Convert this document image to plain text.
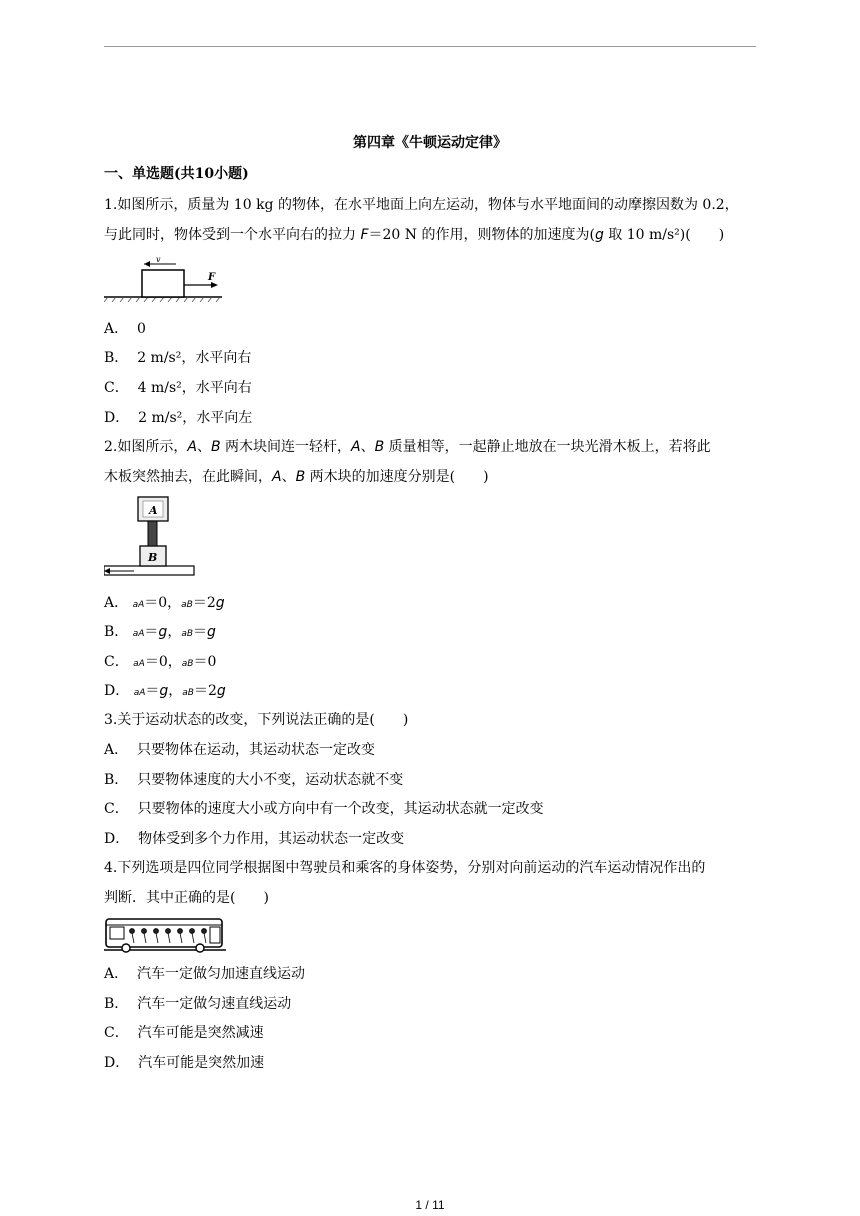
第四章《牛顿运动定律》
一、单选题(共10小题)
1.如图所示，质量为 10 kg 的物体，在水平地面上向左运动，物体与水平地面间的动摩擦因数为 0.2，
与此同时，物体受到一个水平向右的拉力 F＝20 N 的作用，则物体的加速度为(g 取 10 m/s²)(　　)
v
F
A． 0
B． 2 m/s²，水平向右
C． 4 m/s²，水平向右
D． 2 m/s²，水平向左
2.如图所示，A、B 两木块间连一轻杆，A、B 质量相等，一起静止地放在一块光滑木板上，若将此
木板突然抽去，在此瞬间，A、B 两木块的加速度分别是(　　)
A
B
A． aA＝0，aB＝2g
B． aA＝g，aB＝g
C． aA＝0，aB＝0
D． aA＝g，aB＝2g
3.关于运动状态的改变，下列说法正确的是(　　)
A． 只要物体在运动，其运动状态一定改变
B． 只要物体速度的大小不变，运动状态就不变
C． 只要物体的速度大小或方向中有一个改变，其运动状态就一定改变
D． 物体受到多个力作用，其运动状态一定改变
4.下列选项是四位同学根据图中驾驶员和乘客的身体姿势，分别对向前运动的汽车运动情况作出的
判断．其中正确的是(　　)
A． 汽车一定做匀加速直线运动
B． 汽车一定做匀速直线运动
C． 汽车可能是突然减速
D． 汽车可能是突然加速
1 / 11
